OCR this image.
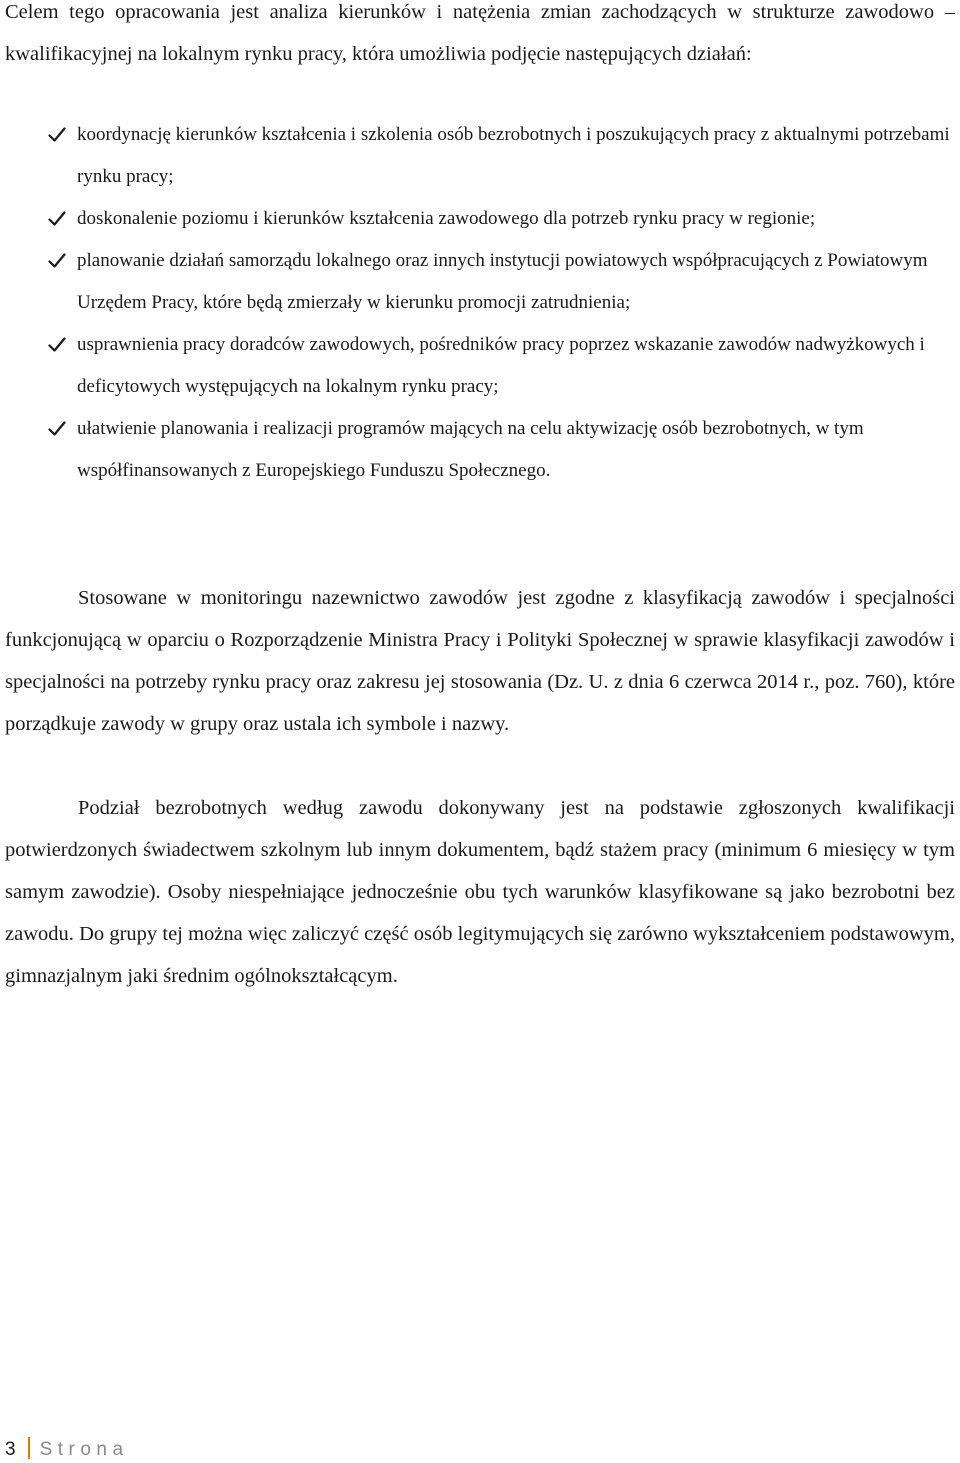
Celem tego opracowania jest analiza kierunków i natężenia zmian zachodzących w strukturze zawodowo – kwalifikacyjnej na lokalnym rynku pracy, która umożliwia podjęcie następujących działań:

koordynację kierunków kształcenia i szkolenia osób bezrobotnych i poszukujących pracy z aktualnymi potrzebami rynku pracy;
doskonalenie poziomu i kierunków kształcenia zawodowego dla potrzeb rynku pracy w regionie;
planowanie działań samorządu lokalnego oraz innych instytucji powiatowych współpracujących z Powiatowym Urzędem Pracy, które będą zmierzały w kierunku promocji zatrudnienia;
usprawnienia pracy doradców zawodowych, pośredników pracy poprzez wskazanie zawodów nadwyżkowych i deficytowych występujących na lokalnym rynku pracy;
ułatwienie planowania i realizacji programów mających na celu aktywizację osób bezrobotnych, w tym współfinansowanych z Europejskiego Funduszu Społecznego.

Stosowane w monitoringu nazewnictwo zawodów jest zgodne z klasyfikacją zawodów i specjalności funkcjonującą w oparciu o Rozporządzenie Ministra Pracy i Polityki Społecznej w sprawie klasyfikacji zawodów i specjalności na potrzeby rynku pracy oraz zakresu jej stosowania (Dz. U. z dnia 6 czerwca 2014 r., poz. 760), które porządkuje zawody w grupy oraz ustala ich symbole i nazwy.

Podział bezrobotnych według zawodu dokonywany jest na podstawie zgłoszonych kwalifikacji potwierdzonych świadectwem szkolnym lub innym dokumentem, bądź stażem pracy (minimum 6 miesięcy w tym samym zawodzie). Osoby niespełniające jednocześnie obu tych warunków klasyfikowane są jako bezrobotni bez zawodu. Do grupy tej można więc zaliczyć część osób legitymujących się zarówno wykształceniem podstawowym, gimnazjalnym jaki średnim ogólnokształcącym.

3 Strona
